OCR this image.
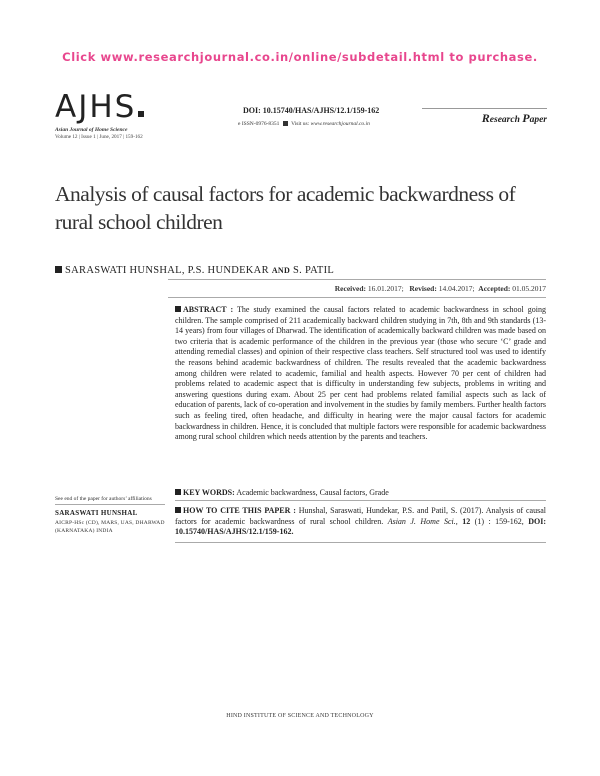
Click www.researchjournal.co.in/online/subdetail.html to purchase.
AJHS
Asian Journal of Home Science
Volume 12 | Issue 1 | June, 2017 | 159-162
DOI: 10.15740/HAS/AJHS/12.1/159-162
e ISSN-0976-8351 Visit us: www.researchjournal.co.in	Research Paper
Analysis of causal factors for academic backwardness of rural school children
SARASWATI HUNSHAL, P.S. HUNDEKAR AND S. PATIL
Received: 16.01.2017; Revised: 14.04.2017; Accepted: 01.05.2017
ABSTRACT : The study examined the causal factors related to academic backwardness in school going children. The sample comprised of 211 academically backward children studying in 7th, 8th and 9th standards (13-14 years) from four villages of Dharwad. The identification of academically backward children was made based on two criteria that is academic performance of the children in the previous year (those who secure ‘C’ grade and attending remedial classes) and opinion of their respective class teachers. Self structured tool was used to identify the reasons behind academic backwardness of children. The results revealed that the academic backwardness among children were related to academic, familial and health aspects. However 70 per cent of children had problems related to academic aspect that is difficulty in understanding few subjects, problems in writing and answering questions during exam. About 25 per cent had problems related familial aspects such as lack of education of parents, lack of co-operation and involvement in the studies by family members. Further health factors such as feeling tired, often headache, and difficulty in hearing were the major causal factors for academic backwardness in children. Hence, it is concluded that multiple factors were responsible for academic backwardness among rural school children which needs attention by the parents and teachers.
KEY WORDS: Academic backwardness, Causal factors, Grade
HOW TO CITE THIS PAPER : Hunshal, Saraswati, Hundekar, P.S. and Patil, S. (2017). Analysis of causal factors for academic backwardness of rural school children. Asian J. Home Sci., 12 (1) : 159-162, DOI: 10.15740/HAS/AJHS/12.1/159-162.
See end of the paper for authors’ affiliations
SARASWATI HUNSHAL
AICRP-HSc (CD), MARS, UAS, DHARWAD (KARNATAKA) INDIA
HIND INSTITUTE OF SCIENCE AND TECHNOLOGY
